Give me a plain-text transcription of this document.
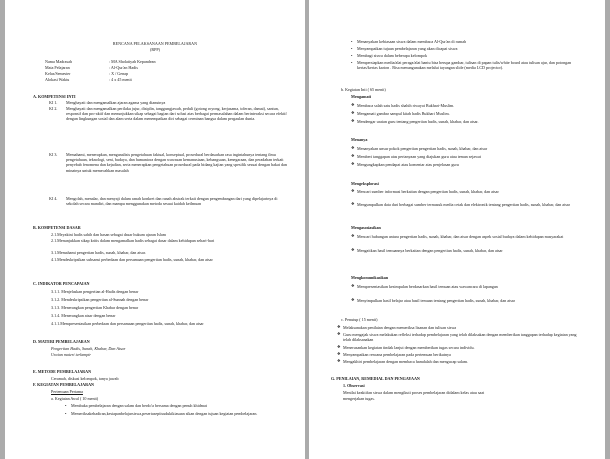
RENCANA PELAKSANAAN PEMBELAJARAN
(RPP)
Nama Madrasah	: MA Sholatiyah Kepandean
Mata Pelajaran	: Al-Qur'an Hadis
Kelas/Semester	: X / Genap
Alokasi Waktu	: 4 x 45 menit
A. KOMPETENSI INTI
KI 1. Menghayati dan mengamalkan ajaran agama yang dianutnya
KI 2. Menghayati dan mengamalkan perilaku jujur, disiplin, tanggungjawab, peduli (gotong royong, kerjasama, toleran, damai), santun, responsif dan pro-aktif dan menunjukkan sikap sebagai bagian dari solusi atas berbagai permasalahan dalam berinteraksi secara efektif dengan lingkungan sosial dan alam serta dalam menempatkan diri sebagai cerminan bangsa dalam pergaulan dunia.
KI 3. Memahami, menerapkan, menganalisis pengetahuan faktual, konseptual, prosedural berdasarkan rasa ingintahunya tentang ilmu pengetahuan, teknologi, seni, budaya, dan humaniora dengan wawasan kemanusiaan, kebangsaan, kenegaraan, dan peradaban terkait penyebab fenomena dan kejadian, serta menerapkan pengetahuan prosedural pada bidang kajian yang spesifik sesuai dengan bakat dan minatnya untuk memecahkan masalah
KI 4. Mengolah, menalar, dan menyaji dalam ranah konkret dan ranah abstrak terkait dengan pengembangan dari yang dipelajarinya di sekolah secara mandiri, dan mampu menggunakan metoda sesuai kaidah keilmuan
B. KOMPETENSI DASAR
2.1.Meyakini hadis sahih dan hasan sebagai dasar hukum ajaran Islam
2.1.Menunjukkan sikap kritis dalam mengamalkan hadis sebagai dasar dalam kehidupan sehari-hari
3.1.Memahami pengertian hadis, sunah, khabar, dan atsar.
4.1.Mendeskripsikan subsansi perbedaan dan persamaan pengertian hadis, sunah, khabar, dan atsar
C. INDIKATOR PENCAPAIAN
3.1.1. Menjelaskan pengertian al-Hadis dengan benar
3.1.2. Mendeskripsikan pengertian al-Sunnah dengan benar
3.1.3. Menerangkan pengertian Khabar dengan benar
3.1.4. Menerangkan atsar dengan benar
4.1.1.Mempresentasikan perbedaan dan persamaan pengertian hadis, sunah, khabar, dan atsar
D. MATERI PEMBELAJARAN
Pengertian Hadis, Sunah, Khabar, Dan Atsar
Uraian materi terlampir
E. METODE PEMBELAJARAN
Ceramah, diskusi kelompok, tanya jawab
F. KEGIATAN PEMBELAJARAN
Pertemuan Pertama
a. Kegiatan Awal ( 10 menit)
• Membuka pembelajaran dengan salam dan berdo'a bersama dengan penuh khidmat
• Memeriksakehadiran,kesiapanbelajarsiswa,pesertaseptisudukikiasaan sikan dengan tujuan kegiatan pembelajaran.
• Menanyakan kebiasaan siswa dalam membaca Al-Qur'an di rumah
• Menyampaikan tujuan pembelajaran yang akan dicapai siswa
• Membagi siswa dalam beberapa kelompok
• Mempersiapkan media/alat peraga/alat bantu bisa berupa gambar, tulisan di papan tulis/white board atau tulisan ajar, dan potongan kertas/kertas karton . Bisa menungunakan melalui tayangan slide (media LCD projector).
b. Kegiatan Inti ( 65 menit)
Mengamati
❖ Membaca salah satu hadis shahih riwayat Bukhari-Muslim.
❖ Mengamati gambar sampul kitab hadis Bukhari Muslim.
❖ Mendengar uraian guru tentang pengertian hadis, sunah, khabar, dan atsar.
Menanya
❖ Menanyakan unsur pokok pengertian pengertian hadis, sunah, khabar, dan atsar
❖ Memberi tanggapan atas pertanyaan yang diajukan guru atau teman sejawat
❖ Mengungkapkan pendapat atau komentar atas penjelasan guru
Mengeksplorasi
❖ Mencari sumber informasi berkaitan dengan pengertian hadis, sunah, khabar, dan atsar
❖ Mengumpulkan data dari berbagai sumber termasuk media cetak dan elektronik tentang pengertian hadis, sunah, khabar, dan atsar
Mengasosiasikan
❖ Mencari hubungan antara pengertian hadis, sunah, khabar, dan atsar dengan aspek sosial budaya dalam kehidupan masyarakat
❖ Mengaitkan hasil temuannya berkaitan dengan pengertian hadis, sunah, khabar, dan atsar
Mengkomunikasikan
❖ Mempresentasikan kesimpulan berdasarkan hasil temuan atau wawancara di lapangan
❖ Menyimpulkan hasil belajar atau hasil temuan tentang pengertian hadis, sunah, khabar, dan atsar
c. Penutup ( 15 menit)
❖ Melaksanakan penilaian dengan memeriksa lisanan dan tulisan siswa
❖ Guru mengajak siswa melakukan refleksi terhadap pembelajaran yang telah dilaksakan dengan memberikan tanggapan terhadap kegiatan yang telah dilaksanakan
❖ Menerusankan kegiatan tindak lanjut dengan memberikan tugas secara individu.
❖ Menyampaikan rencana pembelajaran pada pertemuan berikutnya
❖ Mengakhiri pembelajaran dengan membaca hamdalah dan mengucap salam.
G. PENILAIAN, REMEDIAL DAN PENGAYAAN
1. Observasi
Menilai keaktifan siswa dalam mengikuti proses pembelajaran didalam kelas atau saat
mengerjakan tugas.
